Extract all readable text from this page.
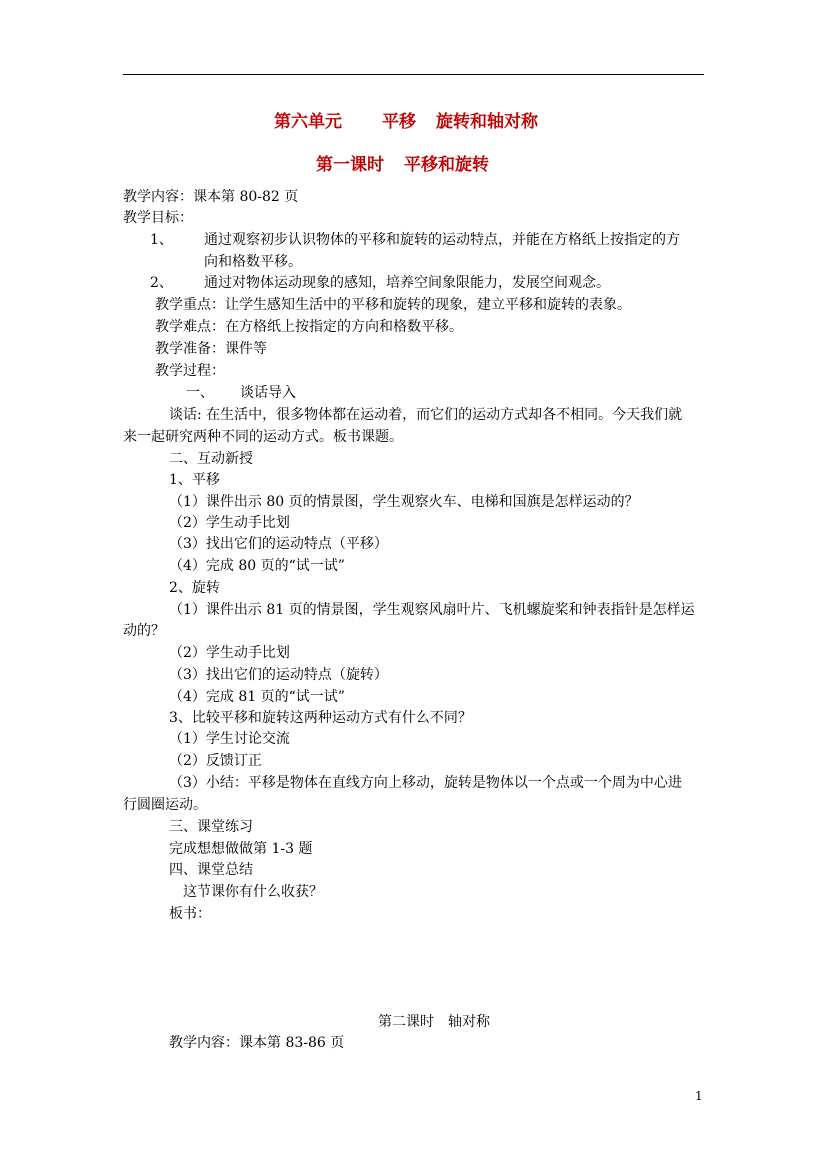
第六单元 平移 旋转和轴对称
第一课时 平移和旋转
教学内容：课本第 80-82 页
教学目标：
1、 通过观察初步认识物体的平移和旋转的运动特点，并能在方格纸上按指定的方
向和格数平移。
2、 通过对物体运动现象的感知，培养空间象限能力，发展空间观念。
教学重点：让学生感知生活中的平移和旋转的现象，建立平移和旋转的表象。
教学难点：在方格纸上按指定的方向和格数平移。
教学准备：课件等
教学过程：
一、 谈话导入
谈话: 在生活中，很多物体都在运动着，而它们的运动方式却各不相同。今天我们就
来一起研究两种不同的运动方式。板书课题。
二、互动新授
1、平移
（1）课件出示 80 页的情景图，学生观察火车、电梯和国旗是怎样运动的？
（2）学生动手比划
（3）找出它们的运动特点（平移）
（4）完成 80 页的“试一试”
2、旋转
（1）课件出示 81 页的情景图，学生观察风扇叶片、飞机螺旋桨和钟表指针是怎样运
动的？
（2）学生动手比划
（3）找出它们的运动特点（旋转）
（4）完成 81 页的“试一试”
3、比较平移和旋转这两种运动方式有什么不同？
（1）学生讨论交流
（2）反馈订正
（3）小结：平移是物体在直线方向上移动，旋转是物体以一个点或一个周为中心进
行圆圈运动。
三、课堂练习
完成想想做做第 1-3 题
四、课堂总结
这节课你有什么收获？
板书：
第二课时 轴对称
教学内容：课本第 83-86 页
1
